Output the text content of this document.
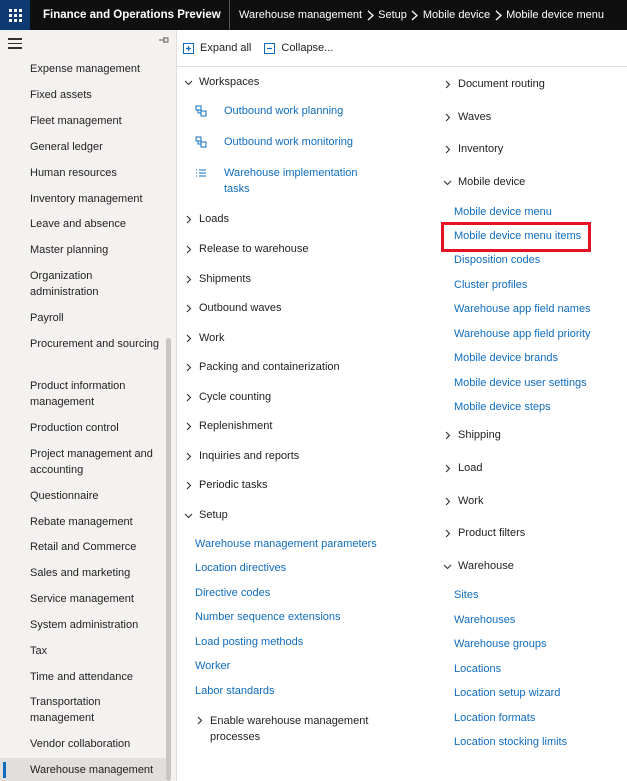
Finance and Operations Preview	Warehouse management Setup Mobile device Mobile device menu
Expense management
Fixed assets
Fleet management
General ledger
Human resources
Inventory management
Leave and absence
Master planning
Organization administration
Payroll
Procurement and sourcing
Product information management
Production control
Project management and accounting
Questionnaire
Rebate management
Retail and Commerce
Sales and marketing
Service management
System administration
Tax
Time and attendance
Transportation management
Vendor collaboration
Warehouse management
Expand all	Collapse...
Workspaces
Outbound work planning
Outbound work monitoring
Warehouse implementation tasks
Loads
Release to warehouse
Shipments
Outbound waves
Work
Packing and containerization
Cycle counting
Replenishment
Inquiries and reports
Periodic tasks
Setup
Warehouse management parameters
Location directives
Directive codes
Number sequence extensions
Load posting methods
Worker
Labor standards
Enable warehouse management processes
Document routing
Waves
Inventory
Mobile device
Mobile device menu
Mobile device menu items
Disposition codes
Cluster profiles
Warehouse app field names
Warehouse app field priority
Mobile device brands
Mobile device user settings
Mobile device steps
Shipping
Load
Work
Product filters
Warehouse
Sites
Warehouses
Warehouse groups
Locations
Location setup wizard
Location formats
Location stocking limits
